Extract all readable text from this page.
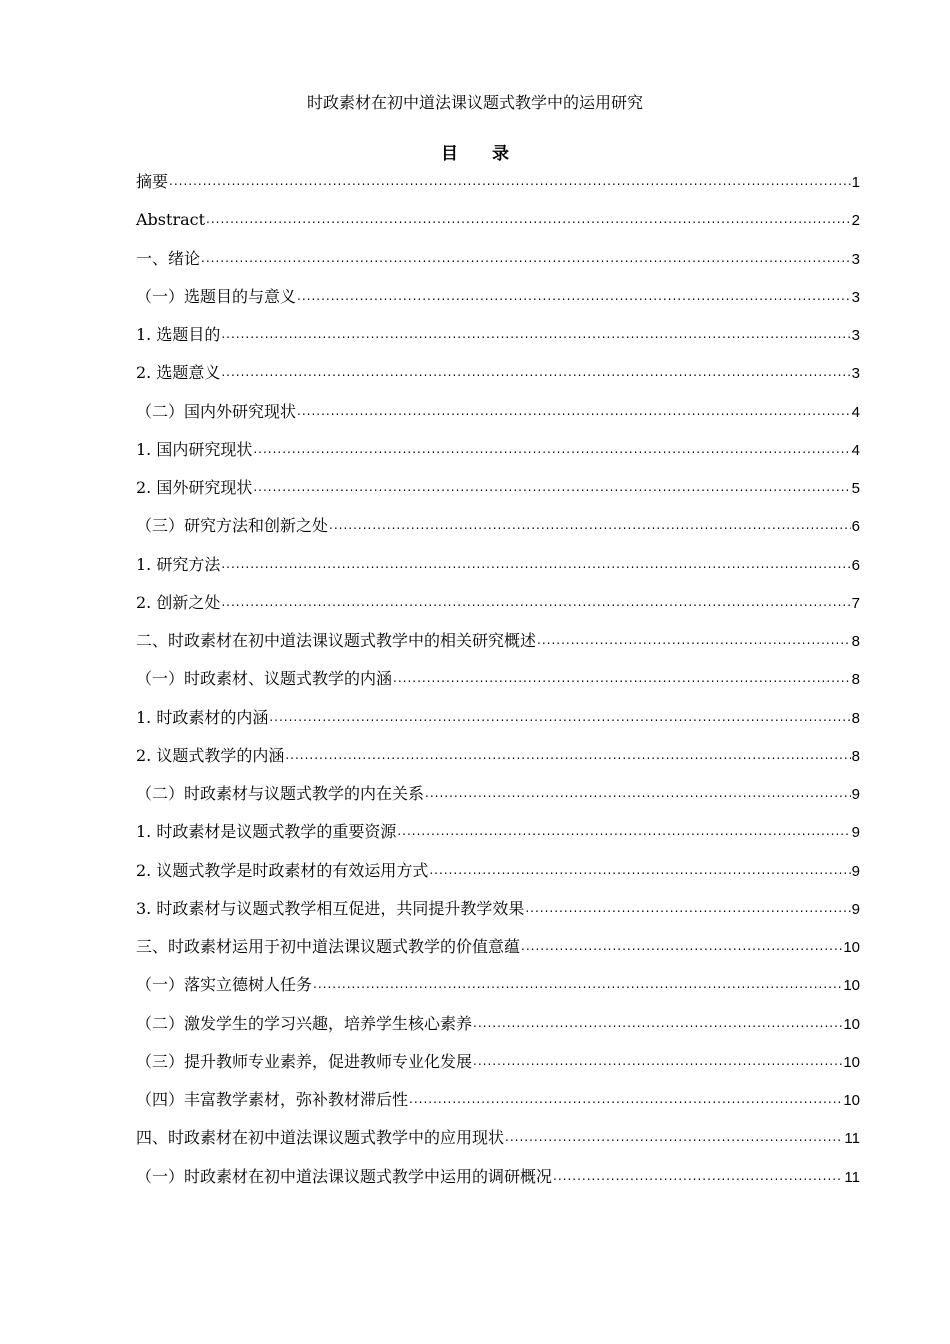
时政素材在初中道法课议题式教学中的运用研究
目 录
摘要 .....	1
Abstract .....	2
一、绪论 .....	3
（一）选题目的与意义 .....	3
1. 选题目的 .....	3
2. 选题意义 .....	3
（二）国内外研究现状 .....	4
1. 国内研究现状 .....	4
2. 国外研究现状 .....	5
（三）研究方法和创新之处 .....	6
1. 研究方法 .....	6
2. 创新之处 .....	7
二、时政素材在初中道法课议题式教学中的相关研究概述 .....	8
（一）时政素材、议题式教学的内涵 .....	8
1. 时政素材的内涵 .....	8
2. 议题式教学的内涵 .....	8
（二）时政素材与议题式教学的内在关系 .....	9
1. 时政素材是议题式教学的重要资源 .....	9
2. 议题式教学是时政素材的有效运用方式 .....	9
3. 时政素材与议题式教学相互促进，共同提升教学效果 .....	9
三、时政素材运用于初中道法课议题式教学的价值意蕴 .....	10
（一）落实立德树人任务 .....	10
（二）激发学生的学习兴趣，培养学生核心素养 .....	10
（三）提升教师专业素养，促进教师专业化发展 .....	10
（四）丰富教学素材，弥补教材滞后性 .....	10
四、时政素材在初中道法课议题式教学中的应用现状 .....	11
（一）时政素材在初中道法课议题式教学中运用的调研概况 .....	11
